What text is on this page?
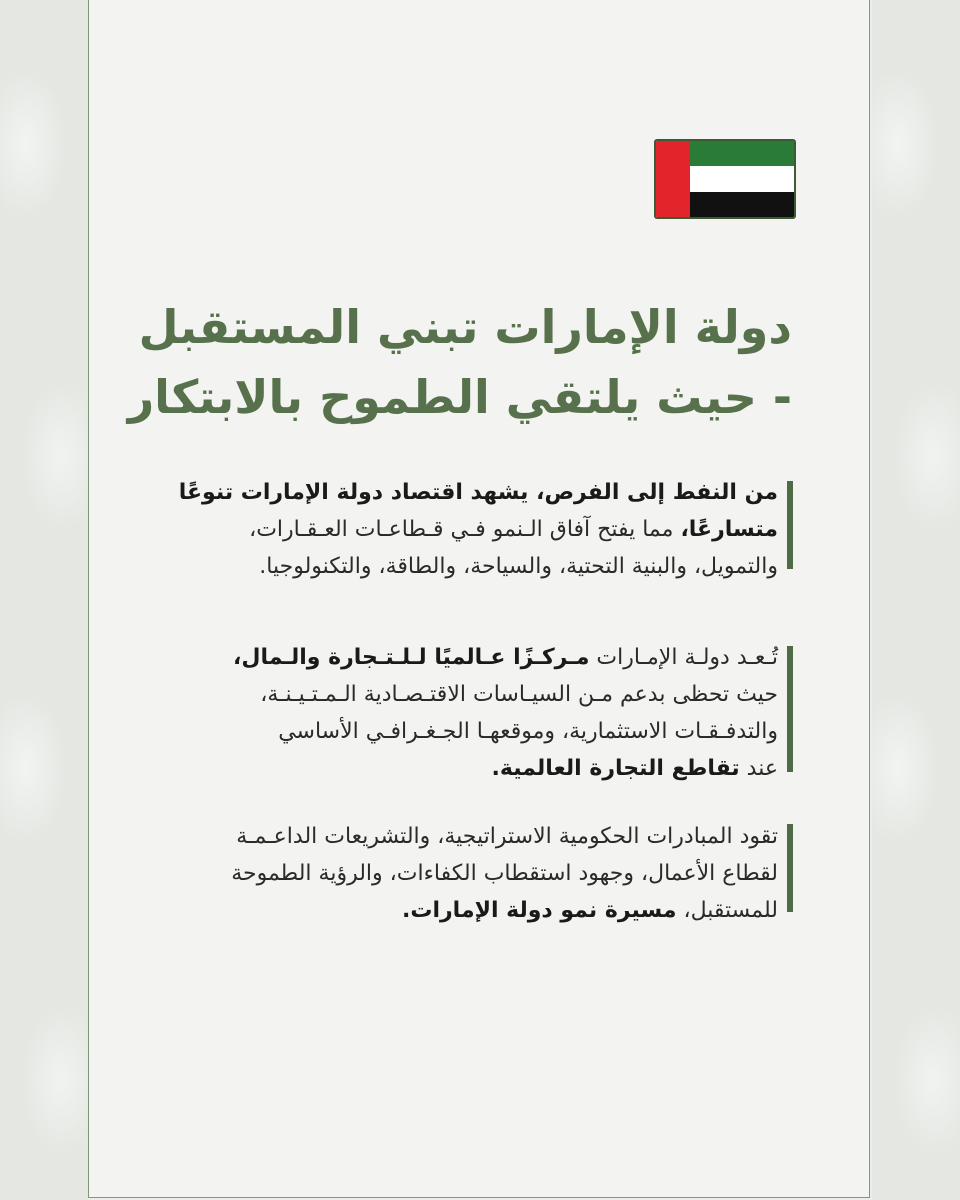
دولة الإمارات تبني المستقبل
- حيث يلتقي الطموح بالابتكار

من النفط إلى الفرص، يشهد اقتصاد دولة الإمارات تنوعًا
متسارعًا، مما يفتح آفاق الـنمو فـي قـطاعـات العـقـارات،
والتمويل، والبنية التحتية، والسياحة، والطاقة، والتكنولوجيا.

تُـعـد دولـة الإمـارات مـركـزًا عـالميًا لـلـتـجارة والـمال،
حيث تحظى بدعم مـن السيـاسات الاقتـصـادية الـمـتـيـنـة،
والتدفـقـات الاستثمارية، وموقعهـا الجـغـرافـي الأساسي
عند تقاطع التجارة العالمية.

تقود المبادرات الحكومية الاستراتيجية، والتشريعات الداعـمـة
لقطاع الأعمال، وجهود استقطاب الكفاءات، والرؤية الطموحة
للمستقبل، مسيرة نمو دولة الإمارات.
